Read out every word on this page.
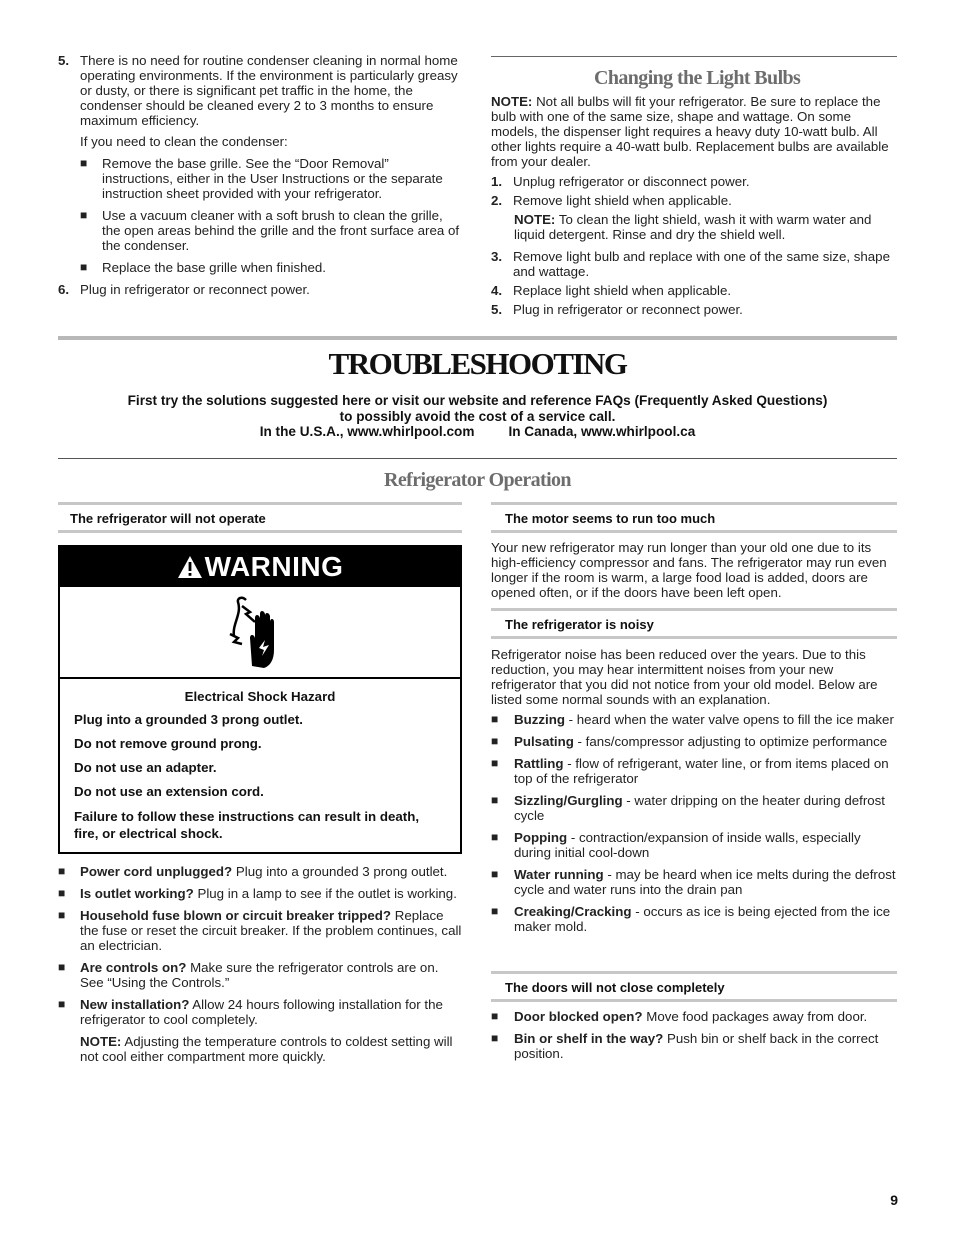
5. There is no need for routine condenser cleaning in normal home operating environments. If the environment is particularly greasy or dusty, or there is significant pet traffic in the home, the condenser should be cleaned every 2 to 3 months to ensure maximum efficiency.
If you need to clean the condenser:
■ Remove the base grille. See the “Door Removal” instructions, either in the User Instructions or the separate instruction sheet provided with your refrigerator.
■ Use a vacuum cleaner with a soft brush to clean the grille, the open areas behind the grille and the front surface area of the condenser.
■ Replace the base grille when finished.
6. Plug in refrigerator or reconnect power.
Changing the Light Bulbs
NOTE: Not all bulbs will fit your refrigerator. Be sure to replace the bulb with one of the same size, shape and wattage. On some models, the dispenser light requires a heavy duty 10-watt bulb. All other lights require a 40-watt bulb. Replacement bulbs are available from your dealer.
1. Unplug refrigerator or disconnect power.
2. Remove light shield when applicable.
NOTE: To clean the light shield, wash it with warm water and liquid detergent. Rinse and dry the shield well.
3. Remove light bulb and replace with one of the same size, shape and wattage.
4. Replace light shield when applicable.
5. Plug in refrigerator or reconnect power.
TROUBLESHOOTING
First try the solutions suggested here or visit our website and reference FAQs (Frequently Asked Questions)
to possibly avoid the cost of a service call.
In the U.S.A., www.whirlpool.com	In Canada, www.whirlpool.ca
Refrigerator Operation
The refrigerator will not operate
WARNING
Electrical Shock Hazard
Plug into a grounded 3 prong outlet.
Do not remove ground prong.
Do not use an adapter.
Do not use an extension cord.
Failure to follow these instructions can result in death, fire, or electrical shock.
■ Power cord unplugged? Plug into a grounded 3 prong outlet.
■ Is outlet working? Plug in a lamp to see if the outlet is working.
■ Household fuse blown or circuit breaker tripped? Replace the fuse or reset the circuit breaker. If the problem continues, call an electrician.
■ Are controls on? Make sure the refrigerator controls are on. See “Using the Controls.”
■ New installation? Allow 24 hours following installation for the refrigerator to cool completely.
NOTE: Adjusting the temperature controls to coldest setting will not cool either compartment more quickly.
The motor seems to run too much
Your new refrigerator may run longer than your old one due to its high-efficiency compressor and fans. The refrigerator may run even longer if the room is warm, a large food load is added, doors are opened often, or if the doors have been left open.
The refrigerator is noisy
Refrigerator noise has been reduced over the years. Due to this reduction, you may hear intermittent noises from your new refrigerator that you did not notice from your old model. Below are listed some normal sounds with an explanation.
■ Buzzing - heard when the water valve opens to fill the ice maker
■ Pulsating - fans/compressor adjusting to optimize performance
■ Rattling - flow of refrigerant, water line, or from items placed on top of the refrigerator
■ Sizzling/Gurgling - water dripping on the heater during defrost cycle
■ Popping - contraction/expansion of inside walls, especially during initial cool-down
■ Water running - may be heard when ice melts during the defrost cycle and water runs into the drain pan
■ Creaking/Cracking - occurs as ice is being ejected from the ice maker mold.
The doors will not close completely
■ Door blocked open? Move food packages away from door.
■ Bin or shelf in the way? Push bin or shelf back in the correct position.
9
